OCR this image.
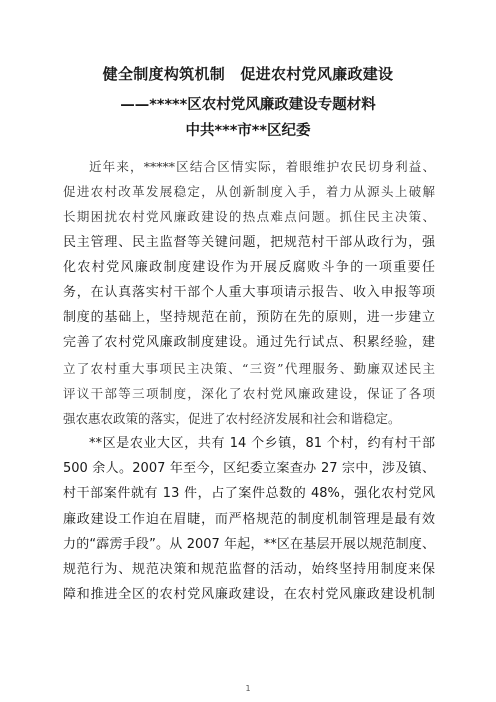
健全制度构筑机制　促进农村党风廉政建设
——*****区农村党风廉政建设专题材料
中共***市**区纪委

近年来，*****区结合区情实际，着眼维护农民切身利益、
促进农村改革发展稳定，从创新制度入手，着力从源头上破解
长期困扰农村党风廉政建设的热点难点问题。抓住民主决策、
民主管理、民主监督等关键问题，把规范村干部从政行为，强
化农村党风廉政制度建设作为开展反腐败斗争的一项重要任
务，在认真落实村干部个人重大事项请示报告、收入申报等项
制度的基础上，坚持规范在前，预防在先的原则，进一步建立
完善了农村党风廉政制度建设。通过先行试点、积累经验，建
立了农村重大事项民主决策、“三资”代理服务、勤廉双述民主
评议干部等三项制度，深化了农村党风廉政建设，保证了各项
强农惠农政策的落实，促进了农村经济发展和社会和谐稳定。

**区是农业大区，共有 14 个乡镇，81 个村，约有村干部
500 余人。2007 年至今，区纪委立案查办 27 宗中，涉及镇、
村干部案件就有 13 件，占了案件总数的 48%，强化农村党风
廉政建设工作迫在眉睫，而严格规范的制度机制管理是最有效
力的“霹雳手段”。从 2007 年起，**区在基层开展以规范制度、
规范行为、规范决策和规范监督的活动，始终坚持用制度来保
障和推进全区的农村党风廉政建设，在农村党风廉政建设机制

1
